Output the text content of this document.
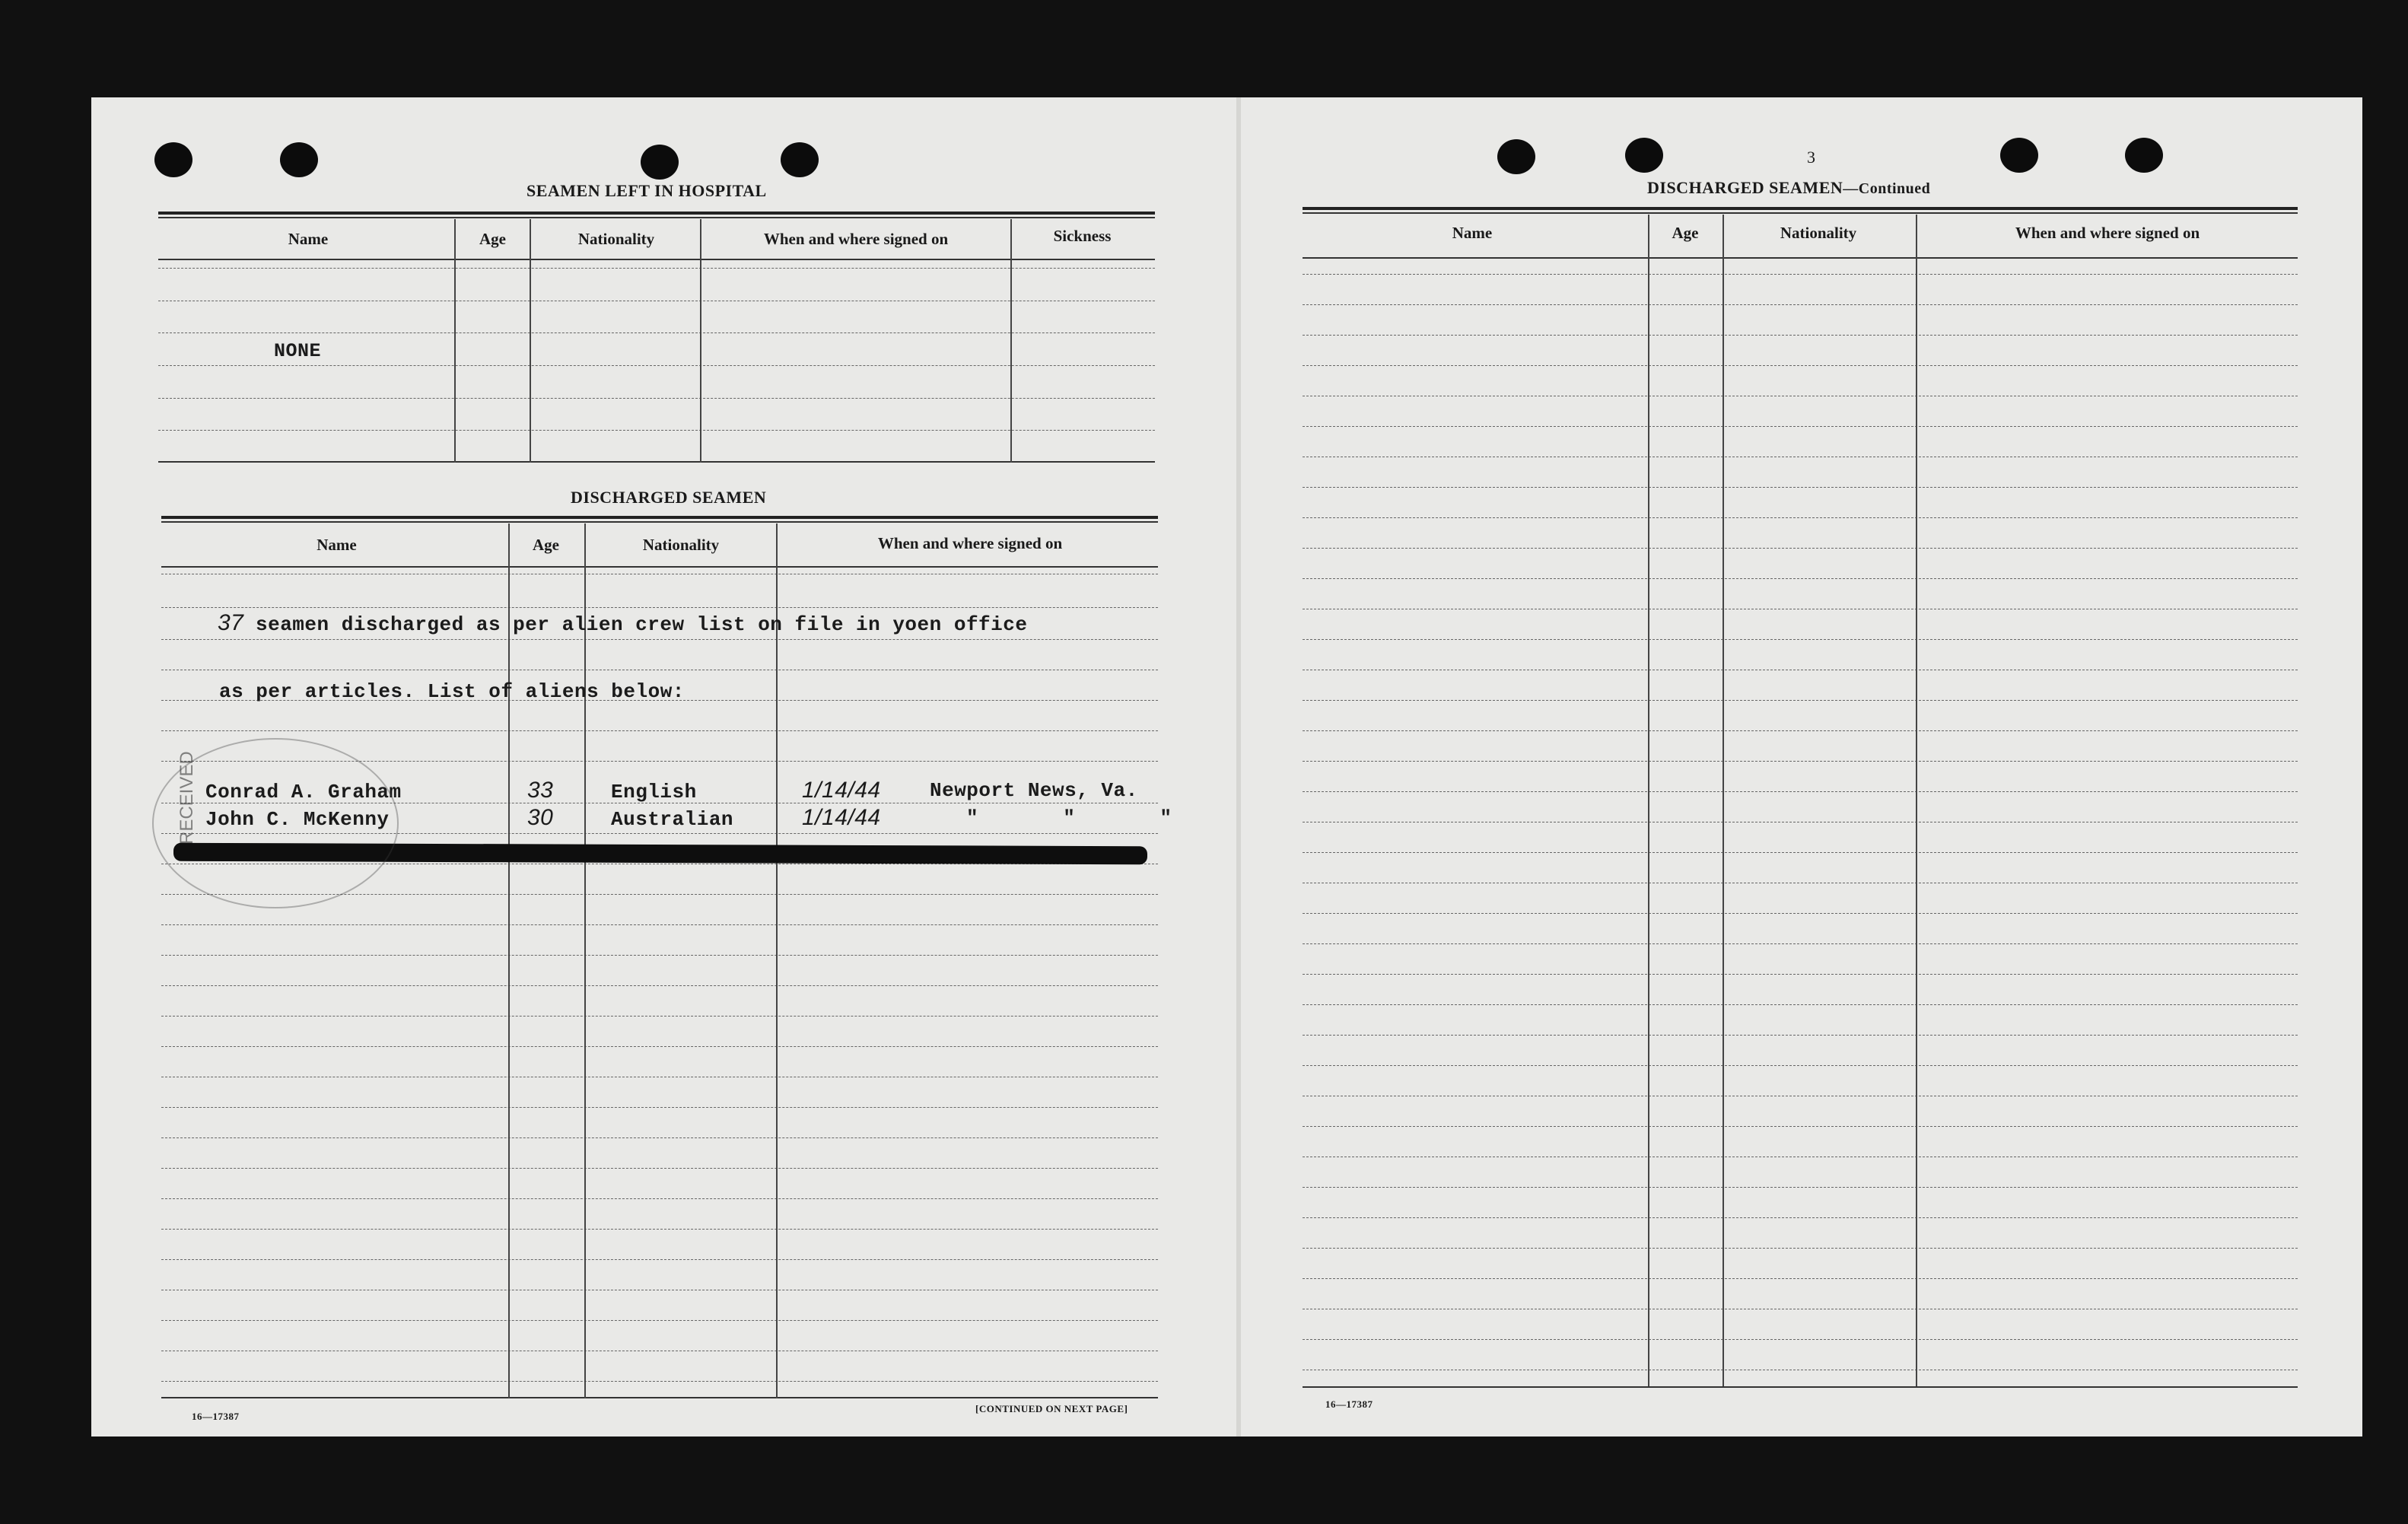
SEAMEN LEFT IN HOSPITAL
Name	Age	Nationality	When and where signed on	Sickness
NONE
DISCHARGED SEAMEN
Name	Age	Nationality	When and where signed on
37 seamen discharged as per alien crew list on file in yoen office
as per articles. List of aliens below:
Conrad A. Graham	33	English	1/14/44 Newport News, Va.
John C. McKenny	30	Australian	1/14/44	" " "
RECEIVED
16—17387
[CONTINUED ON NEXT PAGE]
3
DISCHARGED SEAMEN—Continued
Name	Age	Nationality	When and where signed on
16—17387
